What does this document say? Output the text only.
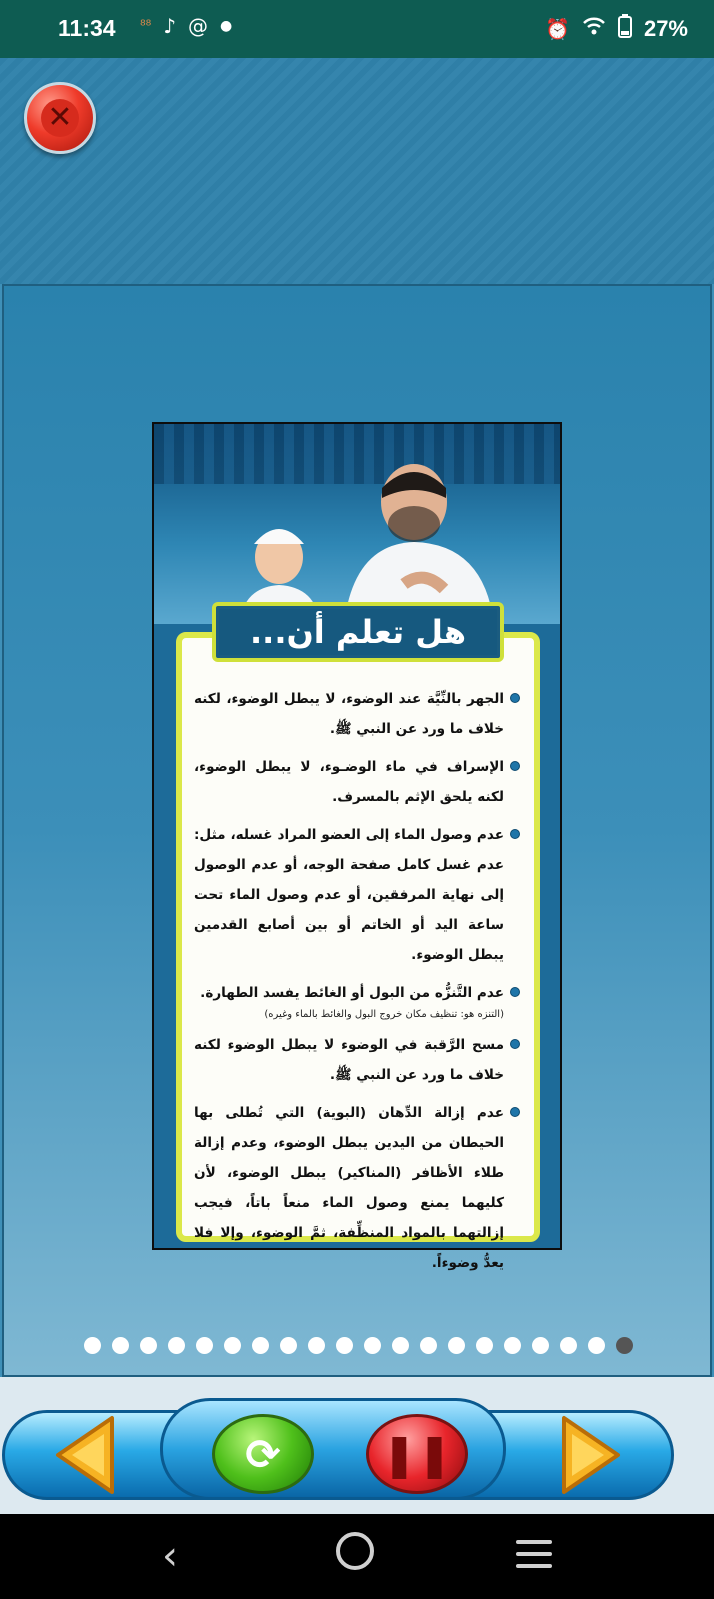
11:34 ⁸⁸ ♪ @ ●	⏰	27%
✕
الجهر بالنِّيَّة عند الوضوء، لا يبطل الوضوء، لكنه خلاف ما ورد عن النبي ﷺ.
الإسراف في ماء الوضـوء، لا يبطل الوضوء، لكنه يلحق الإثم بالمسرف.
عدم وصول الماء إلى العضو المراد غسله، مثل: عدم غسل كامل صفحة الوجه، أو عدم الوصول إلى نهاية المرفقين، أو عدم وصول الماء تحت ساعة اليد أو الخاتم أو بين أصابع القدمين يبطل الوضوء.
عدم التَّنزُّه من البول أو الغائط يفسد الطهارة.
(التنزه هو: تنظيف مكان خروج البول والغائط بالماء وغيره)
مسح الرَّقبة في الوضوء لا يبطل الوضوء لكنه خلاف ما ورد عن النبي ﷺ.
عدم إزالة الدِّهان (البوية) التي تُطلى بها الحيطان من اليدين يبطل الوضوء، وعدم إزالة طلاء الأظافر (المناكير) يبطل الوضوء، لأن كليهما يمنع وصول الماء منعاً باتاً، فيجب إزالتهما بالمواد المنظِّفة، ثمَّ الوضوء، وإلا فلا يعدُّ وضوءاً.
هل تعلم أن...
⟳ ❚❚
‹
